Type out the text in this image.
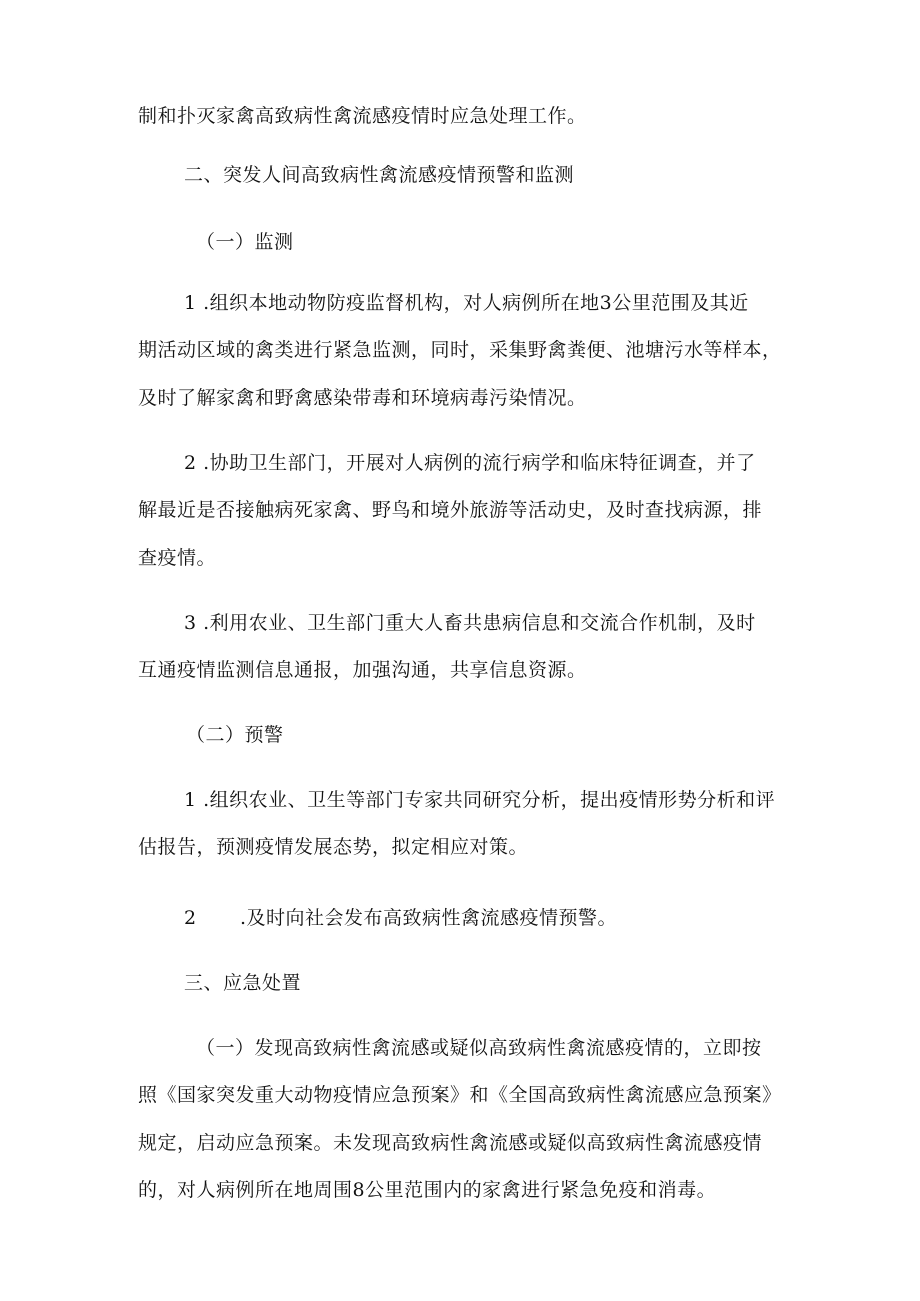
制和扑灭家禽高致病性禽流感疫情时应急处理工作。
二、突发人间高致病性禽流感疫情预警和监测
（一）监测
1 .组织本地动物防疫监督机构，对人病例所在地3公里范围及其近
期活动区域的禽类进行紧急监测，同时，采集野禽粪便、池塘污水等样本，
及时了解家禽和野禽感染带毒和环境病毒污染情况。
2 .协助卫生部门，开展对人病例的流行病学和临床特征调查，并了
解最近是否接触病死家禽、野鸟和境外旅游等活动史，及时查找病源，排
查疫情。
3 .利用农业、卫生部门重大人畜共患病信息和交流合作机制，及时
互通疫情监测信息通报，加强沟通，共享信息资源。
（二）预警
1 .组织农业、卫生等部门专家共同研究分析，提出疫情形势分析和评
估报告，预测疫情发展态势，拟定相应对策。
2 .及时向社会发布高致病性禽流感疫情预警。
三、应急处置
（一）发现高致病性禽流感或疑似高致病性禽流感疫情的，立即按
照《国家突发重大动物疫情应急预案》和《全国高致病性禽流感应急预案》
规定，启动应急预案。未发现高致病性禽流感或疑似高致病性禽流感疫情
的，对人病例所在地周围8公里范围内的家禽进行紧急免疫和消毒。
